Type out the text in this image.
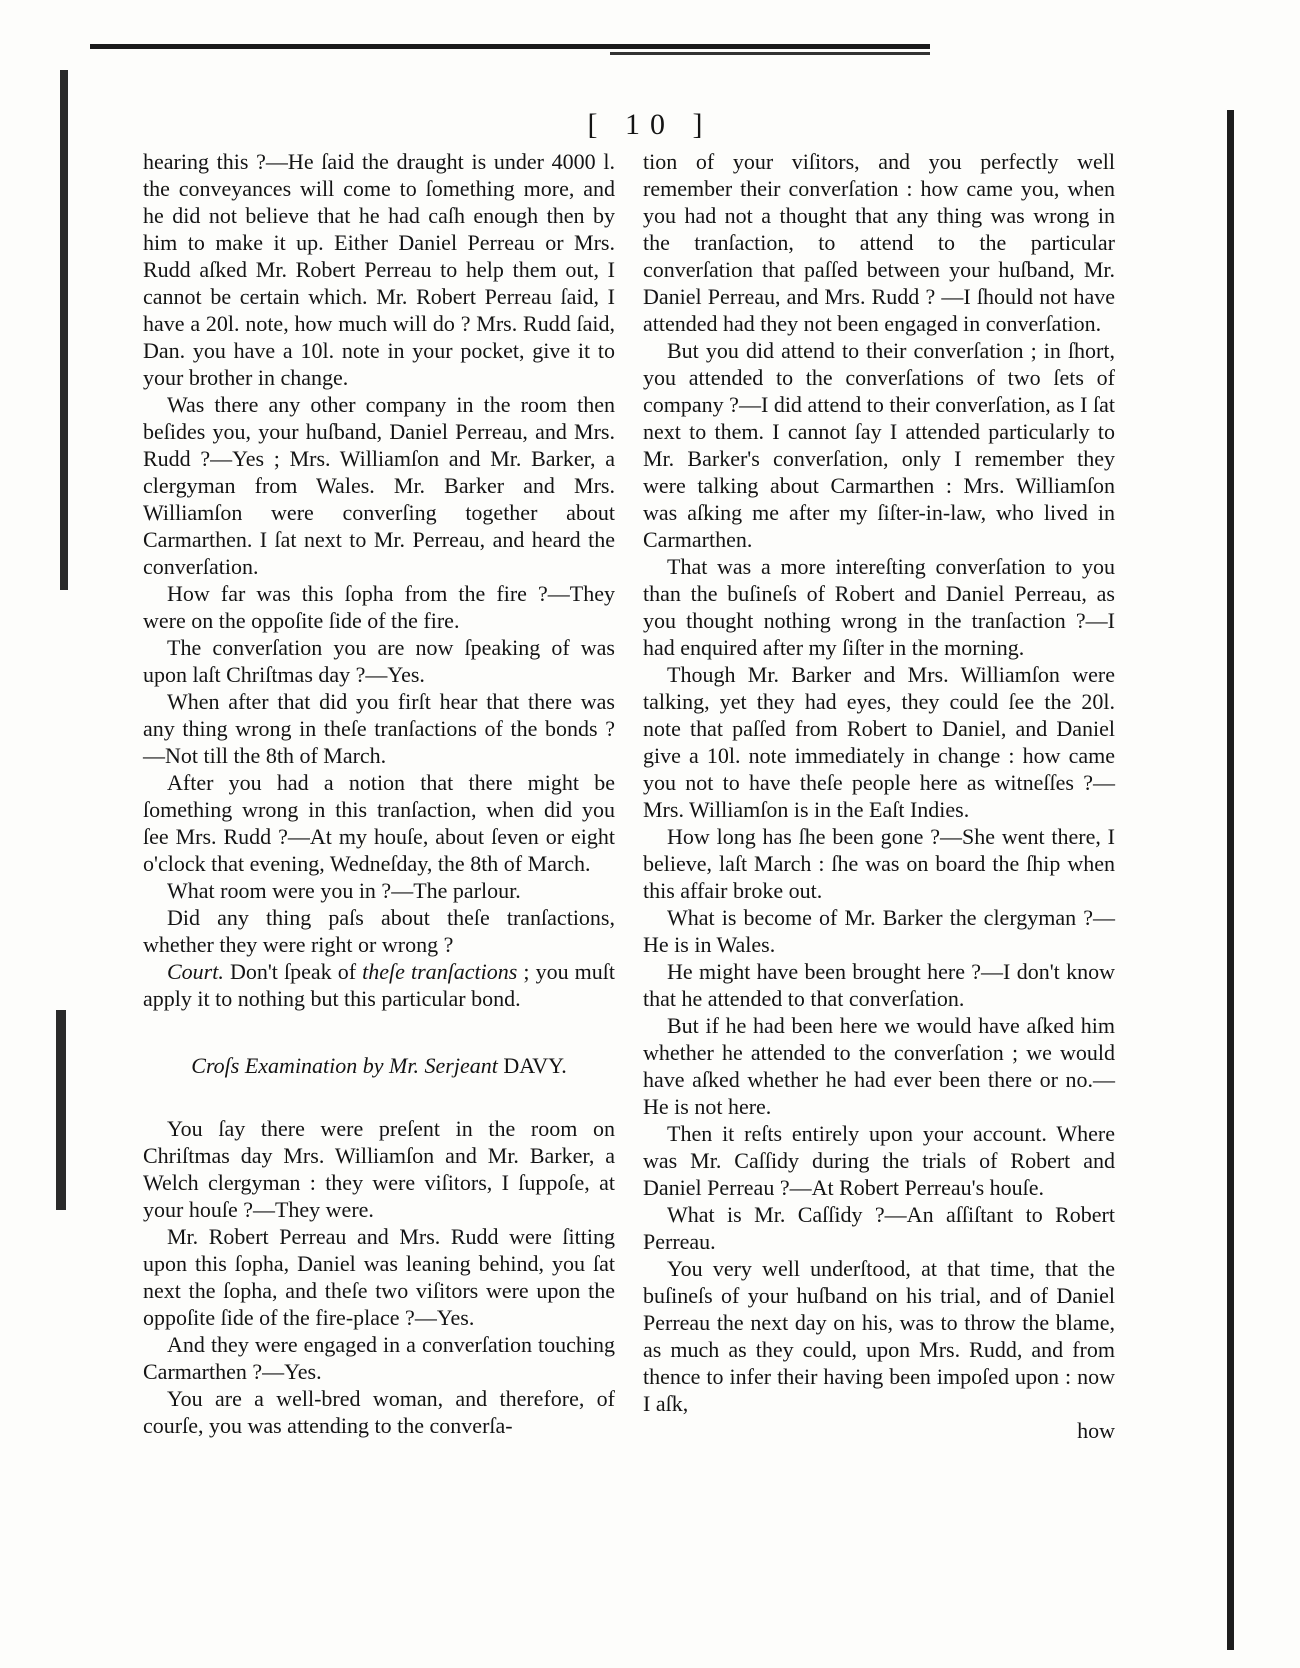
[ 10 ]

hearing this ?—He ſaid the draught is under 4000 l. the conveyances will come to ſomething more, and he did not believe that he had caſh enough then by him to make it up. Either Daniel Perreau or Mrs. Rudd aſked Mr. Robert Perreau to help them out, I cannot be certain which. Mr. Robert Perreau ſaid, I have a 20l. note, how much will do ? Mrs. Rudd ſaid, Dan. you have a 10l. note in your pocket, give it to your brother in change.

Was there any other company in the room then beſides you, your huſband, Daniel Perreau, and Mrs. Rudd ?—Yes ; Mrs. Williamſon and Mr. Barker, a clergyman from Wales. Mr. Barker and Mrs. Williamſon were converſing together about Carmarthen. I ſat next to Mr. Perreau, and heard the converſation.

How far was this ſopha from the fire ?—They were on the oppoſite ſide of the fire.

The converſation you are now ſpeaking of was upon laſt Chriſtmas day ?—Yes.

When after that did you firſt hear that there was any thing wrong in theſe tranſactions of the bonds ?—Not till the 8th of March.

After you had a notion that there might be ſomething wrong in this tranſaction, when did you ſee Mrs. Rudd ?—At my houſe, about ſeven or eight o'clock that evening, Wedneſday, the 8th of March.

What room were you in ?—The parlour.

Did any thing paſs about theſe tranſactions, whether they were right or wrong ?

Court. Don't ſpeak of theſe tranſactions ; you muſt apply it to nothing but this particular bond.

Croſs Examination by Mr. Serjeant DAVY.

You ſay there were preſent in the room on Chriſtmas day Mrs. Williamſon and Mr. Barker, a Welch clergyman : they were viſitors, I ſuppoſe, at your houſe ?—They were.

Mr. Robert Perreau and Mrs. Rudd were ſitting upon this ſopha, Daniel was leaning behind, you ſat next the ſopha, and theſe two viſitors were upon the oppoſite ſide of the fire-place ?—Yes.

And they were engaged in a converſation touching Carmarthen ?—Yes.

You are a well-bred woman, and therefore, of courſe, you was attending to the converſa-

tion of your viſitors, and you perfectly well remember their converſation : how came you, when you had not a thought that any thing was wrong in the tranſaction, to attend to the particular converſation that paſſed between your huſband, Mr. Daniel Perreau, and Mrs. Rudd ? —I ſhould not have attended had they not been engaged in converſation.

But you did attend to their converſation ; in ſhort, you attended to the converſations of two ſets of company ?—I did attend to their converſation, as I ſat next to them. I cannot ſay I attended particularly to Mr. Barker's converſation, only I remember they were talking about Carmarthen : Mrs. Williamſon was aſking me after my ſiſter-in-law, who lived in Carmarthen.

That was a more intereſting converſation to you than the buſineſs of Robert and Daniel Perreau, as you thought nothing wrong in the tranſaction ?—I had enquired after my ſiſter in the morning.

Though Mr. Barker and Mrs. Williamſon were talking, yet they had eyes, they could ſee the 20l. note that paſſed from Robert to Daniel, and Daniel give a 10l. note immediately in change : how came you not to have theſe people here as witneſſes ?—Mrs. Williamſon is in the Eaſt Indies.

How long has ſhe been gone ?—She went there, I believe, laſt March : ſhe was on board the ſhip when this affair broke out.

What is become of Mr. Barker the clergyman ?—He is in Wales.

He might have been brought here ?—I don't know that he attended to that converſation.

But if he had been here we would have aſked him whether he attended to the converſation ; we would have aſked whether he had ever been there or no.—He is not here.

Then it reſts entirely upon your account. Where was Mr. Caſſidy during the trials of Robert and Daniel Perreau ?—At Robert Perreau's houſe.

What is Mr. Caſſidy ?—An aſſiſtant to Robert Perreau.

You very well underſtood, at that time, that the buſineſs of your huſband on his trial, and of Daniel Perreau the next day on his, was to throw the blame, as much as they could, upon Mrs. Rudd, and from thence to infer their having been impoſed upon : now I aſk,

how
